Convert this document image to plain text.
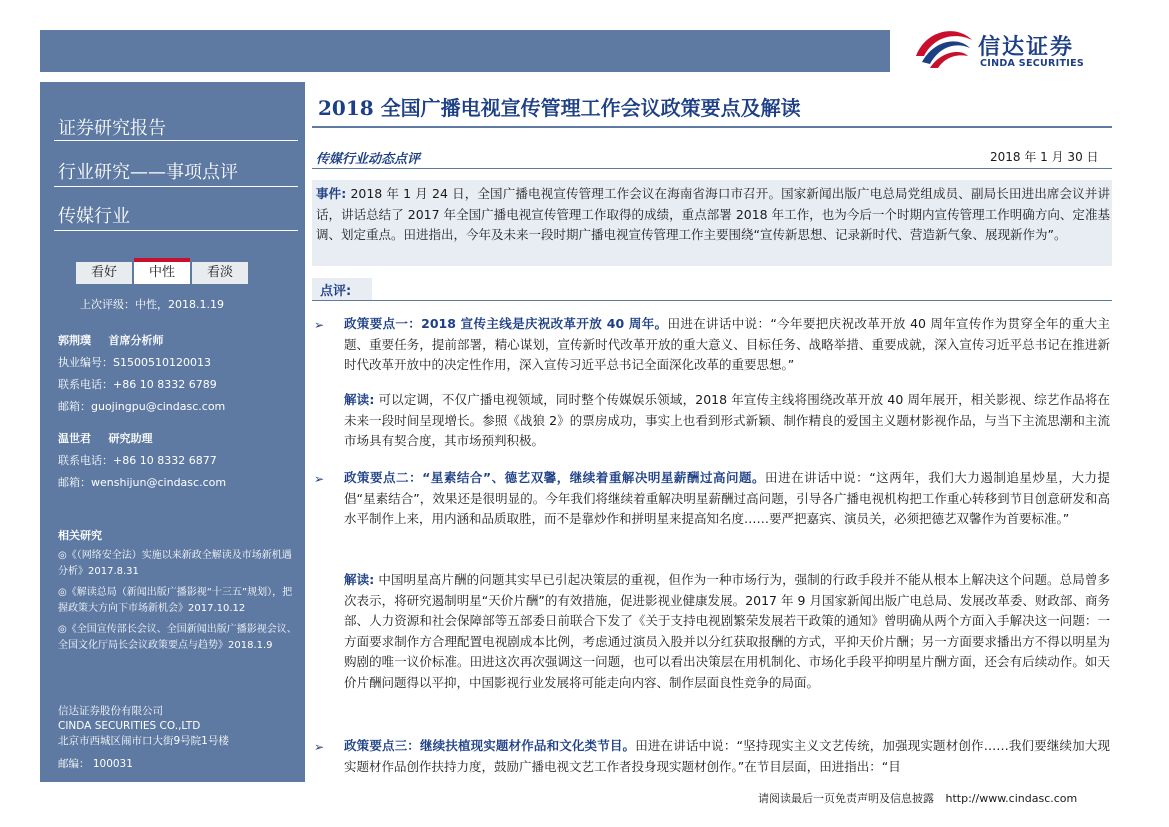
信达证券
CINDA SECURITIES
证券研究报告
行业研究——事项点评
传媒行业
看好	中性	看淡
上次评级：中性，2018.1.19
郭荆璞 首席分析师
执业编号：S1500510120013
联系电话：+86 10 8332 6789
邮箱：guojingpu@cindasc.com
温世君 研究助理
联系电话：+86 10 8332 6877
邮箱：wenshijun@cindasc.com
相关研究
◎《（网络安全法）实施以来新政全解读及市场新机遇分析》2017.8.31
◎《解读总局（新闻出版广播影视“十三五”规划），把握政策大方向下市场新机会》2017.10.12
◎《全国宣传部长会议、全国新闻出版广播影视会议、全国文化厅局长会议政策要点与趋势》2018.1.9
信达证券股份有限公司
CINDA SECURITIES CO.,LTD
北京市西城区闹市口大街9号院1号楼
邮编： 100031
2018 全国广播电视宣传管理工作会议政策要点及解读
传媒行业动态点评	2018 年 1 月 30 日
事件: 2018 年 1 月 24 日，全国广播电视宣传管理工作会议在海南省海口市召开。国家新闻出版广电总局党组成员、副局长田进出席会议并讲话，讲话总结了 2017 年全国广播电视宣传管理工作取得的成绩，重点部署 2018 年工作，也为今后一个时期内宣传管理工作明确方向、定准基调、划定重点。田进指出，今年及未来一段时期广播电视宣传管理工作主要围绕“宣传新思想、记录新时代、营造新气象、展现新作为”。
点评:
➢ 政策要点一：2018 宣传主线是庆祝改革开放 40 周年。田进在讲话中说：“今年要把庆祝改革开放 40 周年宣传作为贯穿全年的重大主题、重要任务，提前部署，精心谋划，宣传新时代改革开放的重大意义、目标任务、战略举措、重要成就，深入宣传习近平总书记在推进新时代改革开放中的决定性作用，深入宣传习近平总书记全面深化改革的重要思想。”
解读: 可以定调，不仅广播电视领域，同时整个传媒娱乐领域，2018 年宣传主线将围绕改革开放 40 周年展开，相关影视、综艺作品将在未来一段时间呈现增长。参照《战狼 2》的票房成功，事实上也看到形式新颖、制作精良的爱国主义题材影视作品，与当下主流思潮和主流市场具有契合度，其市场预判积极。
➢ 政策要点二：“星素结合”、德艺双馨，继续着重解决明星薪酬过高问题。田进在讲话中说：“这两年，我们大力遏制追星炒星，大力提倡“星素结合”，效果还是很明显的。今年我们将继续着重解决明星薪酬过高问题，引导各广播电视机构把工作重心转移到节目创意研发和高水平制作上来，用内涵和品质取胜，而不是靠炒作和拼明星来提高知名度……要严把嘉宾、演员关，必须把德艺双馨作为首要标准。”
解读: 中国明星高片酬的问题其实早已引起决策层的重视，但作为一种市场行为，强制的行政手段并不能从根本上解决这个问题。总局曾多次表示，将研究遏制明星“天价片酬”的有效措施，促进影视业健康发展。2017 年 9 月国家新闻出版广电总局、发展改革委、财政部、商务部、人力资源和社会保障部等五部委日前联合下发了《关于支持电视剧繁荣发展若干政策的通知》曾明确从两个方面入手解决这一问题：一方面要求制作方合理配置电视剧成本比例，考虑通过演员入股并以分红获取报酬的方式，平抑天价片酬；另一方面要求播出方不得以明星为购剧的唯一议价标准。田进这次再次强调这一问题，也可以看出决策层在用机制化、市场化手段平抑明星片酬方面，还会有后续动作。如天价片酬问题得以平抑，中国影视行业发展将可能走向内容、制作层面良性竞争的局面。
➢ 政策要点三：继续扶植现实题材作品和文化类节目。田进在讲话中说：“坚持现实主义文艺传统，加强现实题材创作……我们要继续加大现实题材作品创作扶持力度，鼓励广播电视文艺工作者投身现实题材创作。”在节目层面，田进指出：“目
请阅读最后一页免责声明及信息披露 http://www.cindasc.com
